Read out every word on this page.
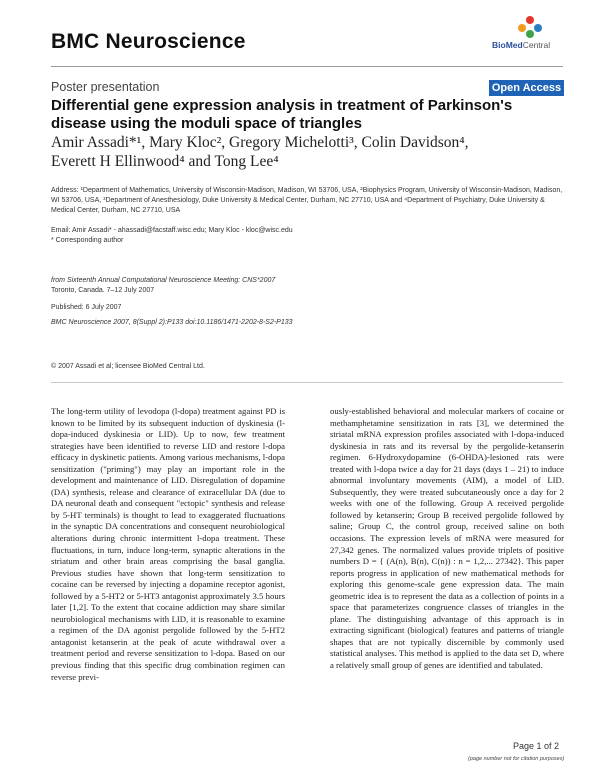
BMC Neuroscience	BioMedCentral
Poster presentation	Open Access
Differential gene expression analysis in treatment of Parkinson's disease using the moduli space of triangles
Amir Assadi*¹, Mary Kloc², Gregory Michelotti³, Colin Davidson⁴,
Everett H Ellinwood⁴ and Tong Lee⁴
Address: ¹Department of Mathematics, University of Wisconsin-Madison, Madison, WI 53706, USA, ²Biophysics Program, University of Wisconsin-Madison, Madison, WI 53706, USA, ³Department of Anesthesiology, Duke University & Medical Center, Durham, NC 27710, USA and ⁴Department of Psychiatry, Duke University & Medical Center, Durham, NC 27710, USA
Email: Amir Assadi* - ahassadi@facstaff.wisc.edu; Mary Kloc - kloc@wisc.edu
* Corresponding author
from Sixteenth Annual Computational Neuroscience Meeting: CNS*2007
Toronto, Canada. 7–12 July 2007
Published: 6 July 2007
BMC Neuroscience 2007, 8(Suppl 2):P133 doi:10.1186/1471-2202-8-S2-P133
© 2007 Assadi et al; licensee BioMed Central Ltd.
The long-term utility of levodopa (l-dopa) treatment against PD is known to be limited by its subsequent induction of dyskinesia (l-dopa-induced dyskinesia or LID). Up to now, few treatment strategies have been identified to reverse LID and restore l-dopa efficacy in dyskinetic patients. Among various mechanisms, l-dopa sensitization ("priming") may play an important role in the development and maintenance of LID. Disregulation of dopamine (DA) synthesis, release and clearance of extracellular DA (due to DA neuronal death and consequent "ectopic" synthesis and release by 5-HT terminals) is thought to lead to exaggerated fluctuations in the synaptic DA concentrations and consequent neurobiological alterations during chronic intermittent l-dopa treatment. These fluctuations, in turn, induce long-term, synaptic alterations in the striatum and other brain areas comprising the basal ganglia. Previous studies have shown that long-term sensitization to cocaine can be reversed by injecting a dopamine receptor agonist, followed by a 5-HT2 or 5-HT3 antagonist approximately 3.5 hours later [1,2]. To the extent that cocaine addiction may share similar neurobiological mechanisms with LID, it is reasonable to examine a regimen of the DA agonist pergolide followed by the 5-HT2 antagonist ketanserin at the peak of acute withdrawal over a treatment period and reverse sensitization to l-dopa. Based on our previous finding that this specific drug combination regimen can reverse previ-
ously-established behavioral and molecular markers of cocaine or methamphetamine sensitization in rats [3], we determined the striatal mRNA expression profiles associated with l-dopa-induced dyskinesia in rats and its reversal by the pergolide-ketanserin regimen. 6-Hydroxydopamine (6-OHDA)-lesioned rats were treated with l-dopa twice a day for 21 days (days 1 – 21) to induce abnormal involuntary movements (AIM), a model of LID. Subsequently, they were treated subcutaneously once a day for 2 weeks with one of the following. Group A received pergolide followed by ketanserin; Group B received pergolide followed by saline; Group C, the control group, received saline on both occasions. The expression levels of mRNA were measured for 27,342 genes. The normalized values provide triplets of positive numbers D = { (A(n), B(n), C(n)) : n = 1,2,... 27342}. This paper reports progress in application of new mathematical methods for exploring this genome-scale gene expression data. The main geometric idea is to represent the data as a collection of points in a space that parameterizes congruence classes of triangles in the plane. The distinguishing advantage of this approach is in extracting significant (biological) features and patterns of triangle shapes that are not typically discernible by commonly used statistical analyses. This method is applied to the data set D, where a relatively small group of genes are identified and tabulated.
Page 1 of 2
(page number not for citation purposes)
